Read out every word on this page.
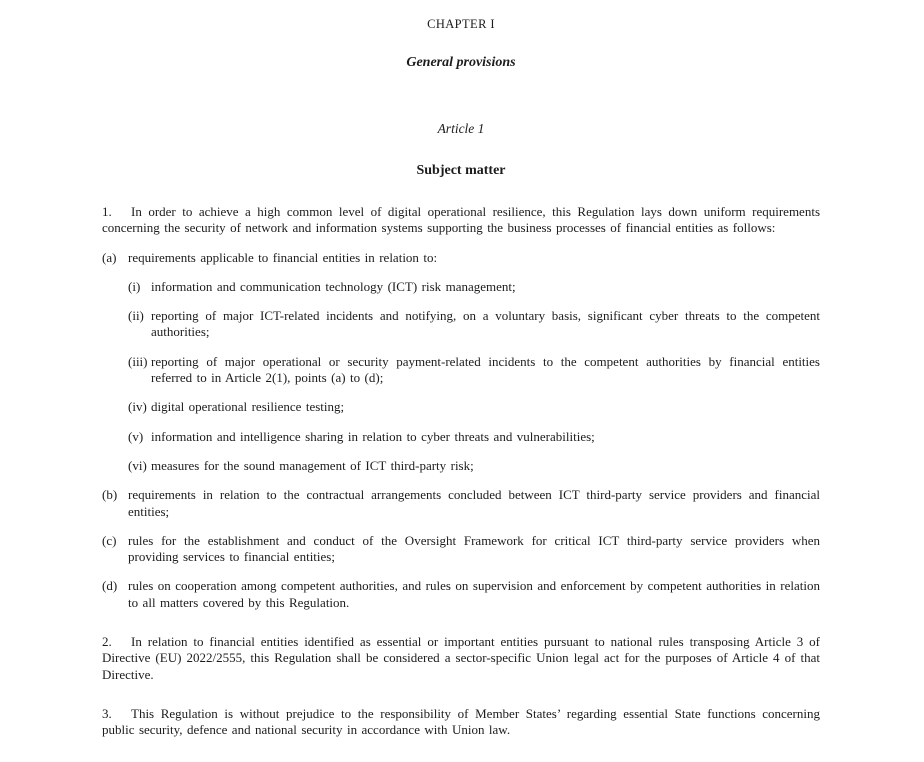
CHAPTER I
General provisions
Article 1
Subject matter

1. In order to achieve a high common level of digital operational resilience, this Regulation lays down uniform requirements concerning the security of network and information systems supporting the business processes of financial entities as follows:

(a) requirements applicable to financial entities in relation to:
(i) information and communication technology (ICT) risk management;
(ii) reporting of major ICT-related incidents and notifying, on a voluntary basis, significant cyber threats to the competent authorities;
(iii) reporting of major operational or security payment-related incidents to the competent authorities by financial entities referred to in Article 2(1), points (a) to (d);
(iv) digital operational resilience testing;
(v) information and intelligence sharing in relation to cyber threats and vulnerabilities;
(vi) measures for the sound management of ICT third-party risk;
(b) requirements in relation to the contractual arrangements concluded between ICT third-party service providers and financial entities;
(c) rules for the establishment and conduct of the Oversight Framework for critical ICT third-party service providers when providing services to financial entities;
(d) rules on cooperation among competent authorities, and rules on supervision and enforcement by competent authorities in relation to all matters covered by this Regulation.

2. In relation to financial entities identified as essential or important entities pursuant to national rules transposing Article 3 of Directive (EU) 2022/2555, this Regulation shall be considered a sector-specific Union legal act for the purposes of Article 4 of that Directive.

3. This Regulation is without prejudice to the responsibility of Member States’ regarding essential State functions concerning public security, defence and national security in accordance with Union law.
